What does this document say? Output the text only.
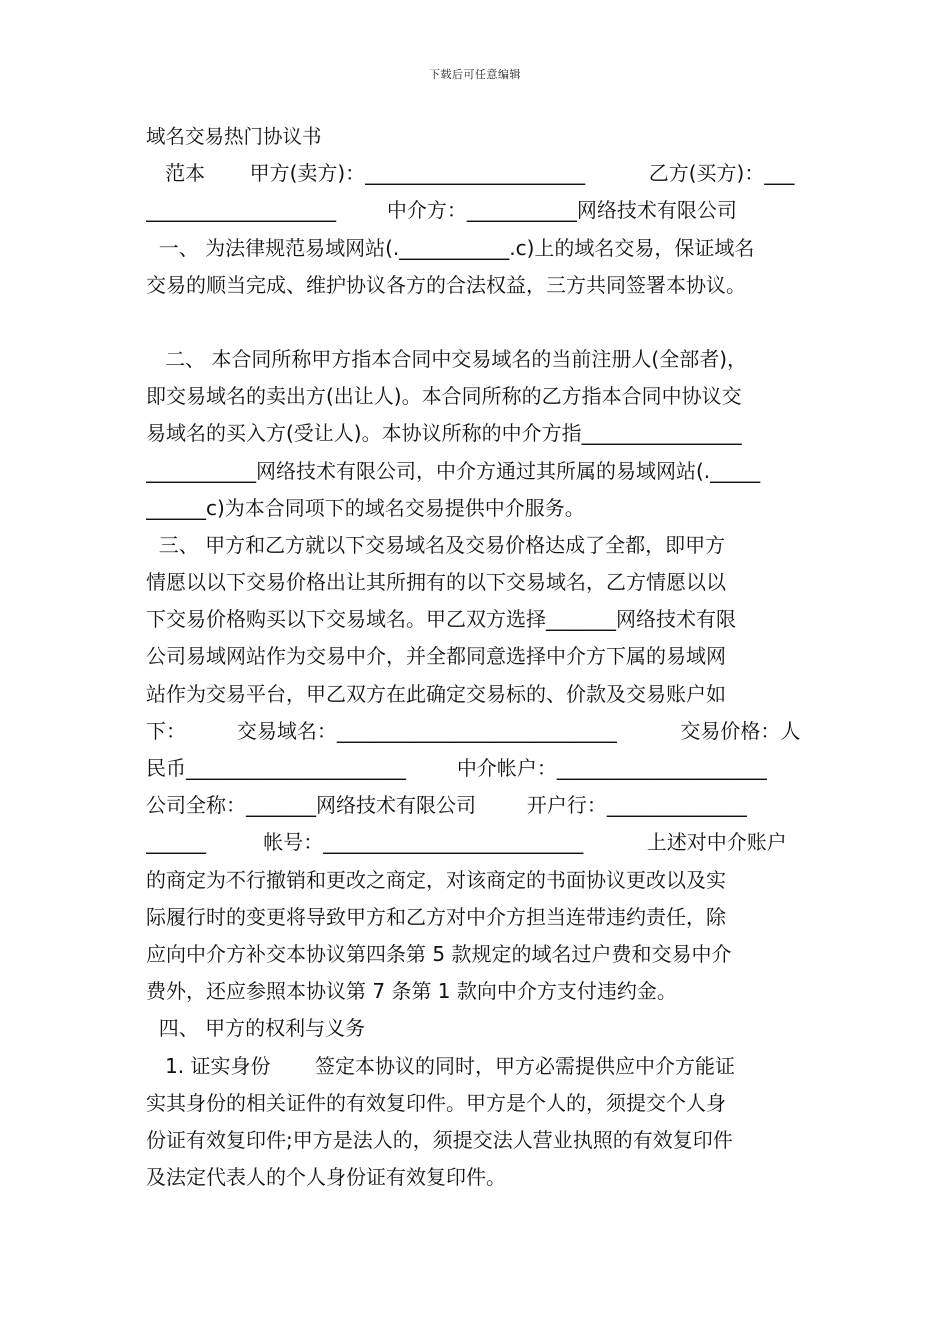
下载后可任意编辑
域名交易热门协议书
范本       甲方(卖方)：______________________          乙方(买方)：___
___________________        中介方：___________网络技术有限公司
一、 为法律规范易域网站(.___________.c)上的域名交易，保证域名
交易的顺当完成、维护协议各方的合法权益，三方共同签署本协议。
二、 本合同所称甲方指本合同中交易域名的当前注册人(全部者)，
即交易域名的卖出方(出让人)。本合同所称的乙方指本合同中协议交
易域名的买入方(受让人)。本协议所称的中介方指________________
___________网络技术有限公司，中介方通过其所属的易域网站(._____
______c)为本合同项下的域名交易提供中介服务。
三、 甲方和乙方就以下交易域名及交易价格达成了全都，即甲方
情愿以以下交易价格出让其所拥有的以下交易域名，乙方情愿以以
下交易价格购买以下交易域名。甲乙双方选择_______网络技术有限
公司易域网站作为交易中介，并全都同意选择中介方下属的易域网
站作为交易平台，甲乙双方在此确定交易标的、价款及交易账户如
下：        交易域名：____________________________          交易价格：人
民币______________________        中介帐户：_____________________
公司全称：_______网络技术有限公司        开户行：______________
______         帐号：__________________________          上述对中介账户
的商定为不行撤销和更改之商定，对该商定的书面协议更改以及实
际履行时的变更将导致甲方和乙方对中介方担当连带违约责任，除
应向中介方补交本协议第四条第 5 款规定的域名过户费和交易中介
费外，还应参照本协议第 7 条第 1 款向中介方支付违约金。
四、 甲方的权利与义务
1. 证实身份       签定本协议的同时，甲方必需提供应中介方能证
实其身份的相关证件的有效复印件。甲方是个人的，须提交个人身
份证有效复印件;甲方是法人的，须提交法人营业执照的有效复印件
及法定代表人的个人身份证有效复印件。
